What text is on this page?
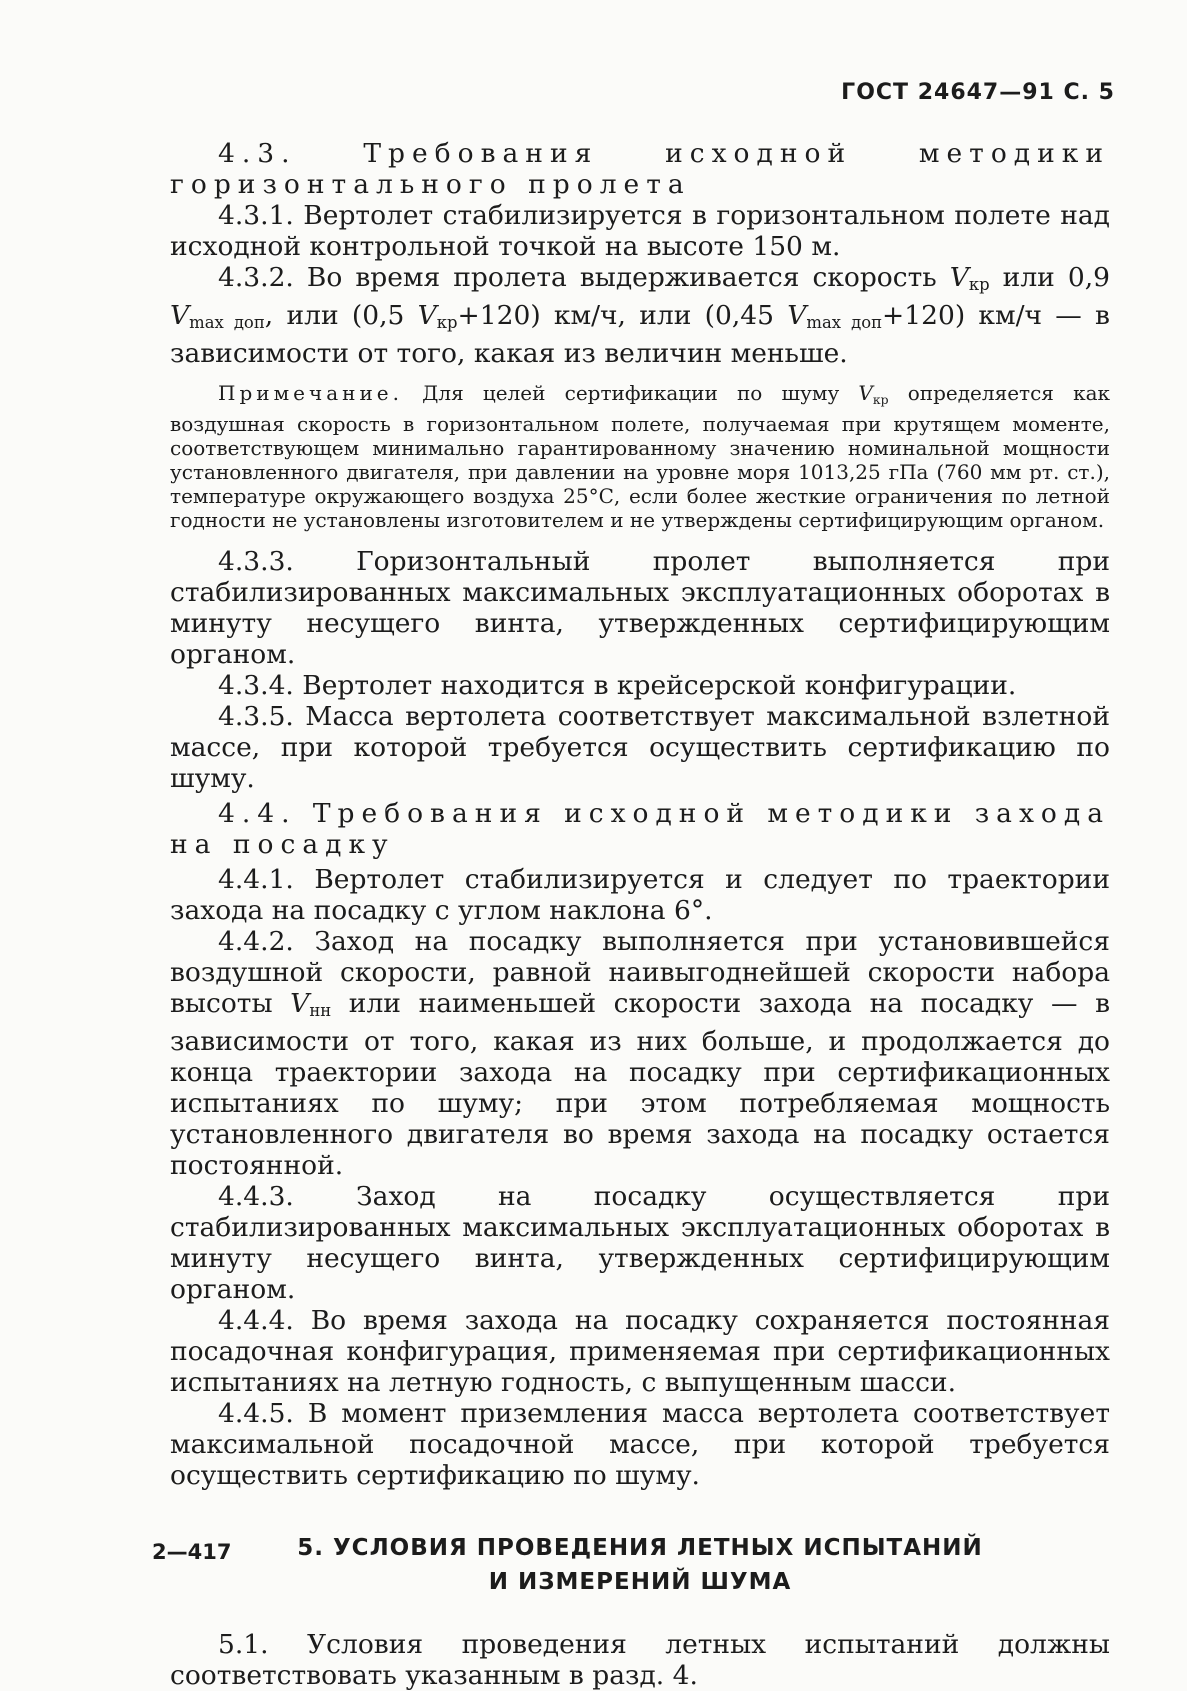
ГОСТ 24647—91 С. 5

4.3. Требования исходной методики горизонтального пролета

4.3.1. Вертолет стабилизируется в горизонтальном полете над исходной контрольной точкой на высоте 150 м.

4.3.2. Во время пролета выдерживается скорость $V_{кр}$ или 0,9 $V_{max доп}$, или (0,5 $V_{кр}+120$) км/ч, или (0,45 $V_{max доп}+120$) км/ч — в зависимости от того, какая из величин меньше.

Примечание. Для целей сертификации по шуму $V_{кр}$ определяется как воздушная скорость в горизонтальном полете, получаемая при крутящем моменте, соответствующем минимально гарантированному значению номинальной мощности установленного двигателя, при давлении на уровне моря 1013,25 гПа (760 мм рт. ст.), температуре окружающего воздуха 25°С, если более жесткие ограничения по летной годности не установлены изготовителем и не утверждены сертифицирующим органом.

4.3.3. Горизонтальный пролет выполняется при стабилизированных максимальных эксплуатационных оборотах в минуту несущего винта, утвержденных сертифицирующим органом.

4.3.4. Вертолет находится в крейсерской конфигурации.

4.3.5. Масса вертолета соответствует максимальной взлетной массе, при которой требуется осуществить сертификацию по шуму.

4.4. Требования исходной методики захода на посадку

4.4.1. Вертолет стабилизируется и следует по траектории захода на посадку с углом наклона 6°.

4.4.2. Заход на посадку выполняется при установившейся воздушной скорости, равной наивыгоднейшей скорости набора высоты $V_{нн}$ или наименьшей скорости захода на посадку — в зависимости от того, какая из них больше, и продолжается до конца траектории захода на посадку при сертификационных испытаниях по шуму; при этом потребляемая мощность установленного двигателя во время захода на посадку остается постоянной.

4.4.3. Заход на посадку осуществляется при стабилизированных максимальных эксплуатационных оборотах в минуту несущего винта, утвержденных сертифицирующим органом.

4.4.4. Во время захода на посадку сохраняется постоянная посадочная конфигурация, применяемая при сертификационных испытаниях на летную годность, с выпущенным шасси.

4.4.5. В момент приземления масса вертолета соответствует максимальной посадочной массе, при которой требуется осуществить сертификацию по шуму.

5. УСЛОВИЯ ПРОВЕДЕНИЯ ЛЕТНЫХ ИСПЫТАНИЙ
И ИЗМЕРЕНИЙ ШУМА

5.1. Условия проведения летных испытаний должны соответствовать указанным в разд. 4.

2—417
